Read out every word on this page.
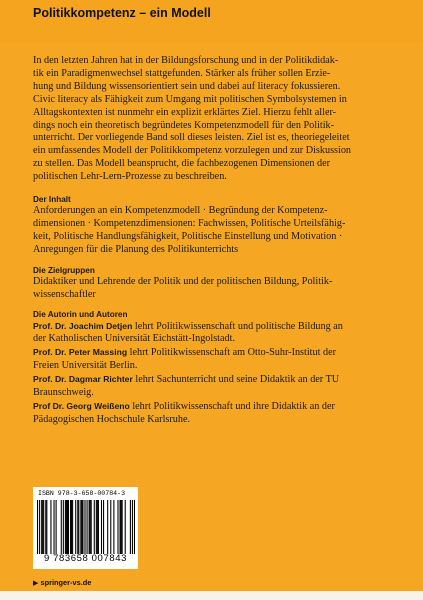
Politikkompetenz – ein Modell
In den letzten Jahren hat in der Bildungsforschung und in der Politikdidak-
tik ein Paradigmenwechsel stattgefunden. Stärker als früher sollen Erzie-
hung und Bildung wissensorientiert sein und dabei auf literacy fokussieren.
Civic literacy als Fähigkeit zum Umgang mit politischen Symbolsystemen in
Alltagskontexten ist nunmehr ein explizit erklärtes Ziel. Hierzu fehlt aller-
dings noch ein theoretisch begründetes Kompetenzmodell für den Politik-
unterricht. Der vorliegende Band soll dieses leisten. Ziel ist es, theoriegeleitet
ein umfassendes Modell der Politikkompetenz vorzulegen und zur Diskussion
zu stellen. Das Modell beansprucht, die fachbezogenen Dimensionen der
politischen Lehr-Lern-Prozesse zu beschreiben.
Der Inhalt
Anforderungen an ein Kompetenzmodell · Begründung der Kompetenz-
dimensionen · Kompetenzdimensionen: Fachwissen, Politische Urteilsfähig-
keit, Politische Handlungsfähigkeit, Politische Einstellung und Motivation ·
Anregungen für die Planung des Politikunterrichts
Die Zielgruppen
Didaktiker und Lehrende der Politik und der politischen Bildung, Politik-
wissenschaftler
Die Autorin und Autoren
Prof. Dr. Joachim Detjen lehrt Politikwissenschaft und politische Bildung an
der Katholischen Universität Eichstätt-Ingolstadt.
Prof. Dr. Peter Massing lehrt Politikwissenschaft am Otto-Suhr-Institut der
Freien Universität Berlin.
Prof. Dr. Dagmar Richter lehrt Sachunterricht und seine Didaktik an der TU
Braunschweig.
Prof Dr. Georg Weißeno lehrt Politikwissenschaft und ihre Didaktik an der
Pädagogischen Hochschule Karlsruhe.
ISBN 978-3-658-00784-3
9 783658 007843
▶ springer-vs.de
